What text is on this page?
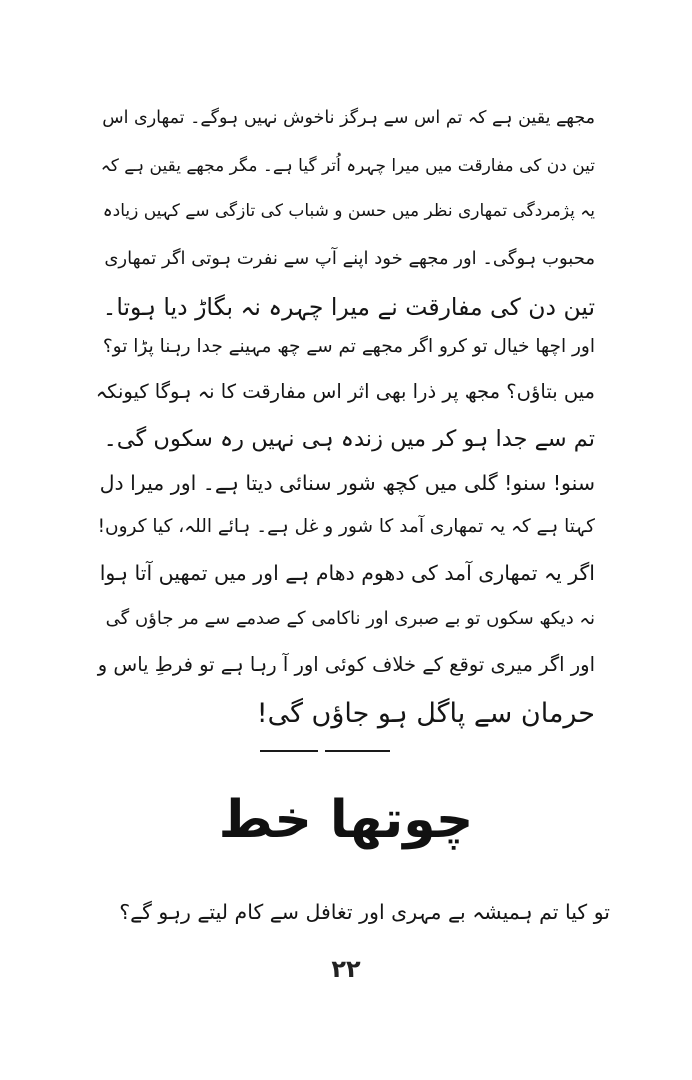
مجھے یقین ہے کہ تم اس سے ہرگز ناخوش نہیں ہوگے۔ تمھاری اس
تین دن کی مفارقت میں میرا چہرہ اُتر گیا ہے۔ مگر مجھے یقین ہے کہ
یہ پژمردگی تمھاری نظر میں حسن و شباب کی تازگی سے کہیں زیادہ
محبوب ہوگی۔ اور مجھے خود اپنے آپ سے نفرت ہوتی اگر تمھاری
تین دن کی مفارقت نے میرا چہرہ نہ بگاڑ دیا ہوتا۔
اور اچھا خیال تو کرو اگر مجھے تم سے چھ مہینے جدا رہنا پڑا تو؟
میں بتاؤں؟ مجھ پر ذرا بھی اثر اس مفارقت کا نہ ہوگا کیونکہ
تم سے جدا ہو کر میں زندہ ہی نہیں رہ سکوں گی۔
سنو! سنو! گلی میں کچھ شور سنائی دیتا ہے۔ اور میرا دل
کہتا ہے کہ یہ تمھاری آمد کا شور و غل ہے۔ ہائے اللہ، کیا کروں!
اگر یہ تمھاری آمد کی دھوم دھام ہے اور میں تمھیں آتا ہوا
نہ دیکھ سکوں تو بے صبری اور ناکامی کے صدمے سے مر جاؤں گی
اور اگر میری توقع کے خلاف کوئی اور آ رہا ہے تو فرطِ یاس و
حرمان سے پاگل ہو جاؤں گی!
چوتھا خط
تو کیا تم ہمیشہ بے مہری اور تغافل سے کام لیتے رہو گے؟
۲۲
